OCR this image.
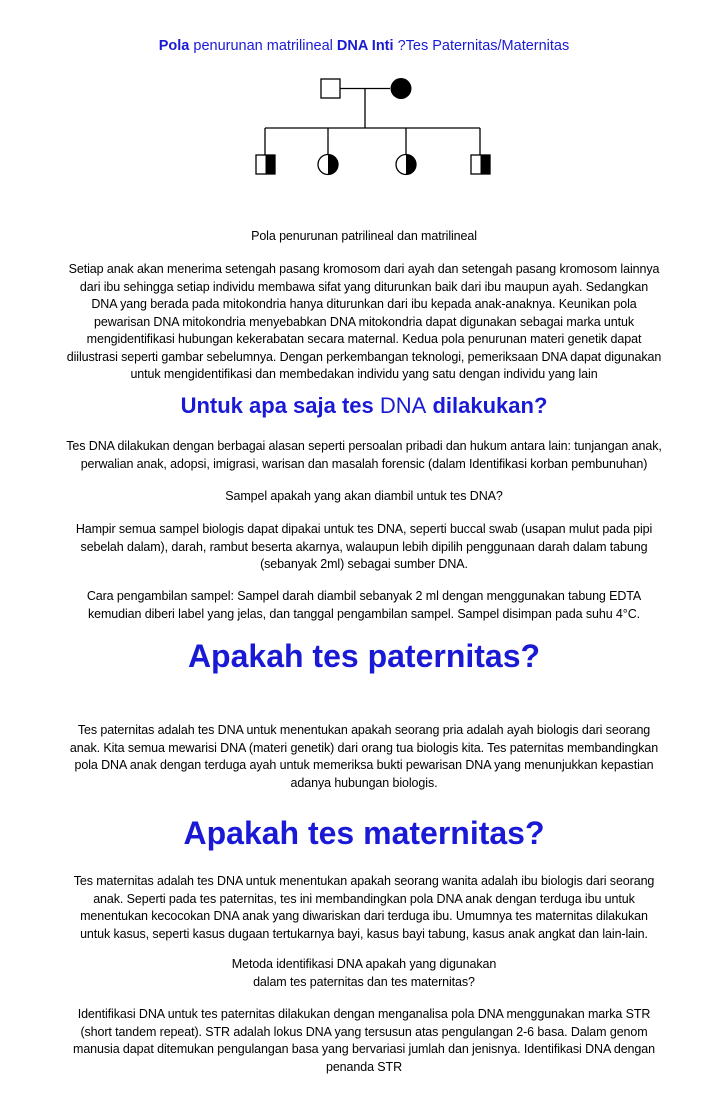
Pola penurunan matrilineal DNA Inti ?Tes Paternitas/Maternitas
Pola penurunan patrilineal dan matrilineal
Setiap anak akan menerima setengah pasang kromosom dari ayah dan setengah pasang kromosom lainnya dari ibu sehingga setiap individu membawa sifat yang diturunkan baik dari ibu maupun ayah. Sedangkan DNA yang berada pada mitokondria hanya diturunkan dari ibu kepada anak-anaknya. Keunikan pola pewarisan DNA mitokondria menyebabkan DNA mitokondria dapat digunakan sebagai marka untuk mengidentifikasi hubungan kekerabatan secara maternal. Kedua pola penurunan materi genetik dapat diilustrasi seperti gambar sebelumnya. Dengan perkembangan teknologi, pemeriksaan DNA dapat digunakan untuk mengidentifikasi dan membedakan individu yang satu dengan individu yang lain
Untuk apa saja tes DNA dilakukan?
Tes DNA dilakukan dengan berbagai alasan seperti persoalan pribadi dan hukum antara lain: tunjangan anak, perwalian anak, adopsi, imigrasi, warisan dan masalah forensic (dalam Identifikasi korban pembunuhan)
Sampel apakah yang akan diambil untuk tes DNA?
Hampir semua sampel biologis dapat dipakai untuk tes DNA, seperti buccal swab (usapan mulut pada pipi sebelah dalam), darah, rambut beserta akarnya, walaupun lebih dipilih penggunaan darah dalam tabung (sebanyak 2ml) sebagai sumber DNA.
Cara pengambilan sampel: Sampel darah diambil sebanyak 2 ml dengan menggunakan tabung EDTA kemudian diberi label yang jelas, dan tanggal pengambilan sampel. Sampel disimpan pada suhu 4°C.
Apakah tes paternitas?
Tes paternitas adalah tes DNA untuk menentukan apakah seorang pria adalah ayah biologis dari seorang anak. Kita semua mewarisi DNA (materi genetik) dari orang tua biologis kita. Tes paternitas membandingkan pola DNA anak dengan terduga ayah untuk memeriksa bukti pewarisan DNA yang menunjukkan kepastian adanya hubungan biologis.
Apakah tes maternitas?
Tes maternitas adalah tes DNA untuk menentukan apakah seorang wanita adalah ibu biologis dari seorang anak. Seperti pada tes paternitas, tes ini membandingkan pola DNA anak dengan terduga ibu untuk menentukan kecocokan DNA anak yang diwariskan dari terduga ibu. Umumnya tes maternitas dilakukan untuk kasus, seperti kasus dugaan tertukarnya bayi, kasus bayi tabung, kasus anak angkat dan lain-lain.
Metoda identifikasi DNA apakah yang digunakan
dalam tes paternitas dan tes maternitas?
Identifikasi DNA untuk tes paternitas dilakukan dengan menganalisa pola DNA menggunakan marka STR (short tandem repeat). STR adalah lokus DNA yang tersusun atas pengulangan 2-6 basa. Dalam genom manusia dapat ditemukan pengulangan basa yang bervariasi jumlah dan jenisnya. Identifikasi DNA dengan penanda STR
